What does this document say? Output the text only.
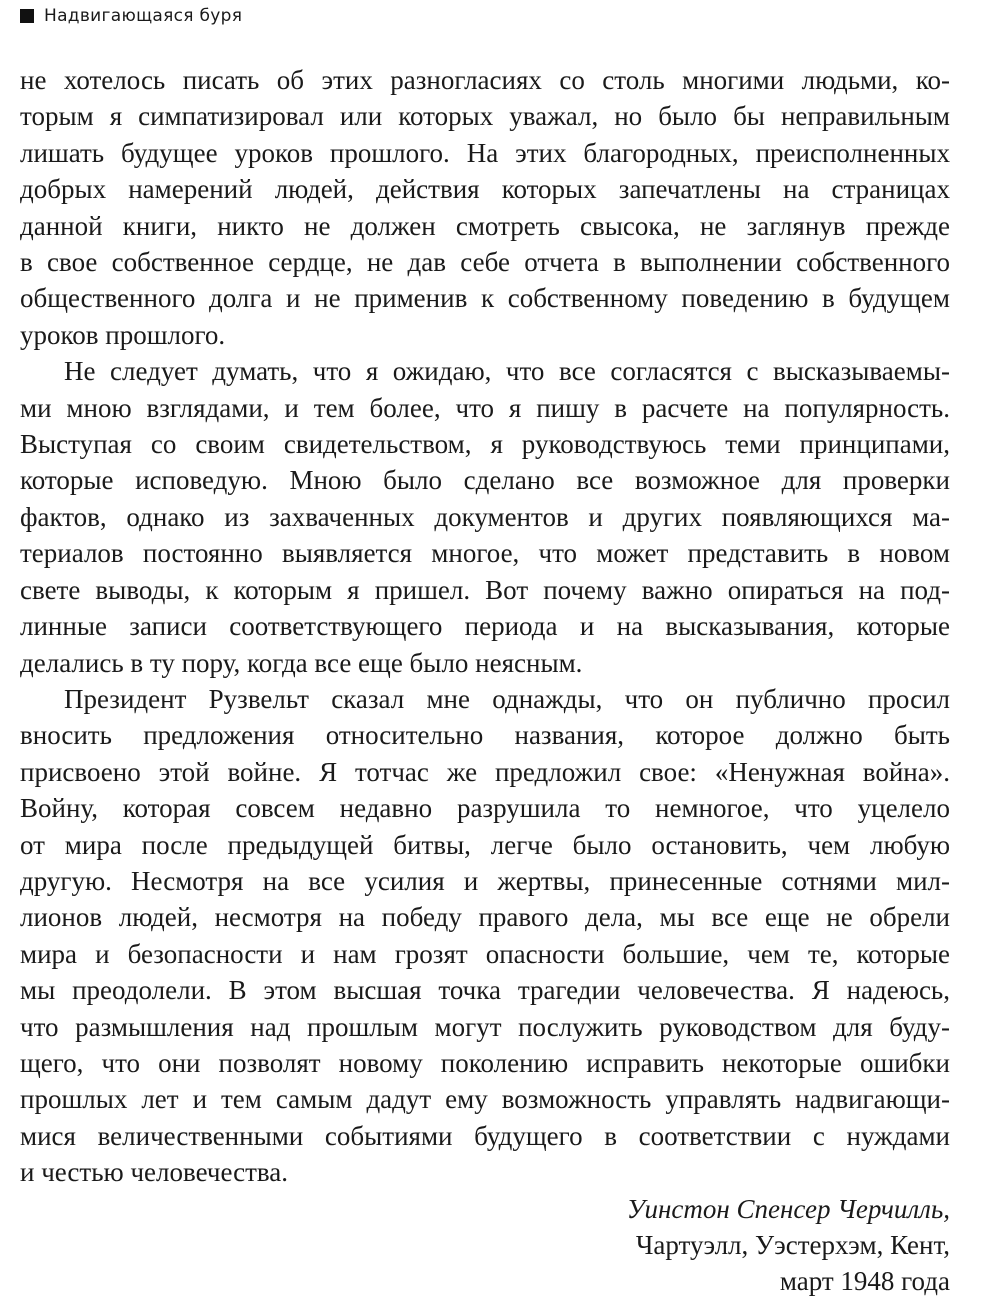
Надвигающаяся буря
не хотелось писать об этих разногласиях со столь многими людьми, ко-
торым я симпатизировал или которых уважал, но было бы неправильным
лишать будущее уроков прошлого. На этих благородных, преисполненных
добрых намерений людей, действия которых запечатлены на страницах
данной книги, никто не должен смотреть свысока, не заглянув прежде
в свое собственное сердце, не дав себе отчета в выполнении собственного
общественного долга и не применив к собственному поведению в будущем
уроков прошлого.
Не следует думать, что я ожидаю, что все согласятся с высказываемы-
ми мною взглядами, и тем более, что я пишу в расчете на популярность.
Выступая со своим свидетельством, я руководствуюсь теми принципами,
которые исповедую. Мною было сделано все возможное для проверки
фактов, однако из захваченных документов и других появляющихся ма-
териалов постоянно выявляется многое, что может представить в новом
свете выводы, к которым я пришел. Вот почему важно опираться на под-
линные записи соответствующего периода и на высказывания, которые
делались в ту пору, когда все еще было неясным.
Президент Рузвельт сказал мне однажды, что он публично просил
вносить предложения относительно названия, которое должно быть
присвоено этой войне. Я тотчас же предложил свое: «Ненужная война».
Войну, которая совсем недавно разрушила то немногое, что уцелело
от мира после предыдущей битвы, легче было остановить, чем любую
другую. Несмотря на все усилия и жертвы, принесенные сотнями мил-
лионов людей, несмотря на победу правого дела, мы все еще не обрели
мира и безопасности и нам грозят опасности большие, чем те, которые
мы преодолели. В этом высшая точка трагедии человечества. Я надеюсь,
что размышления над прошлым могут послужить руководством для буду-
щего, что они позволят новому поколению исправить некоторые ошибки
прошлых лет и тем самым дадут ему возможность управлять надвигающи-
мися величественными событиями будущего в соответствии с нуждами
и честью человечества.
Уинстон Спенсер Черчилль,
Чартуэлл, Уэстерхэм, Кент,
март 1948 года
